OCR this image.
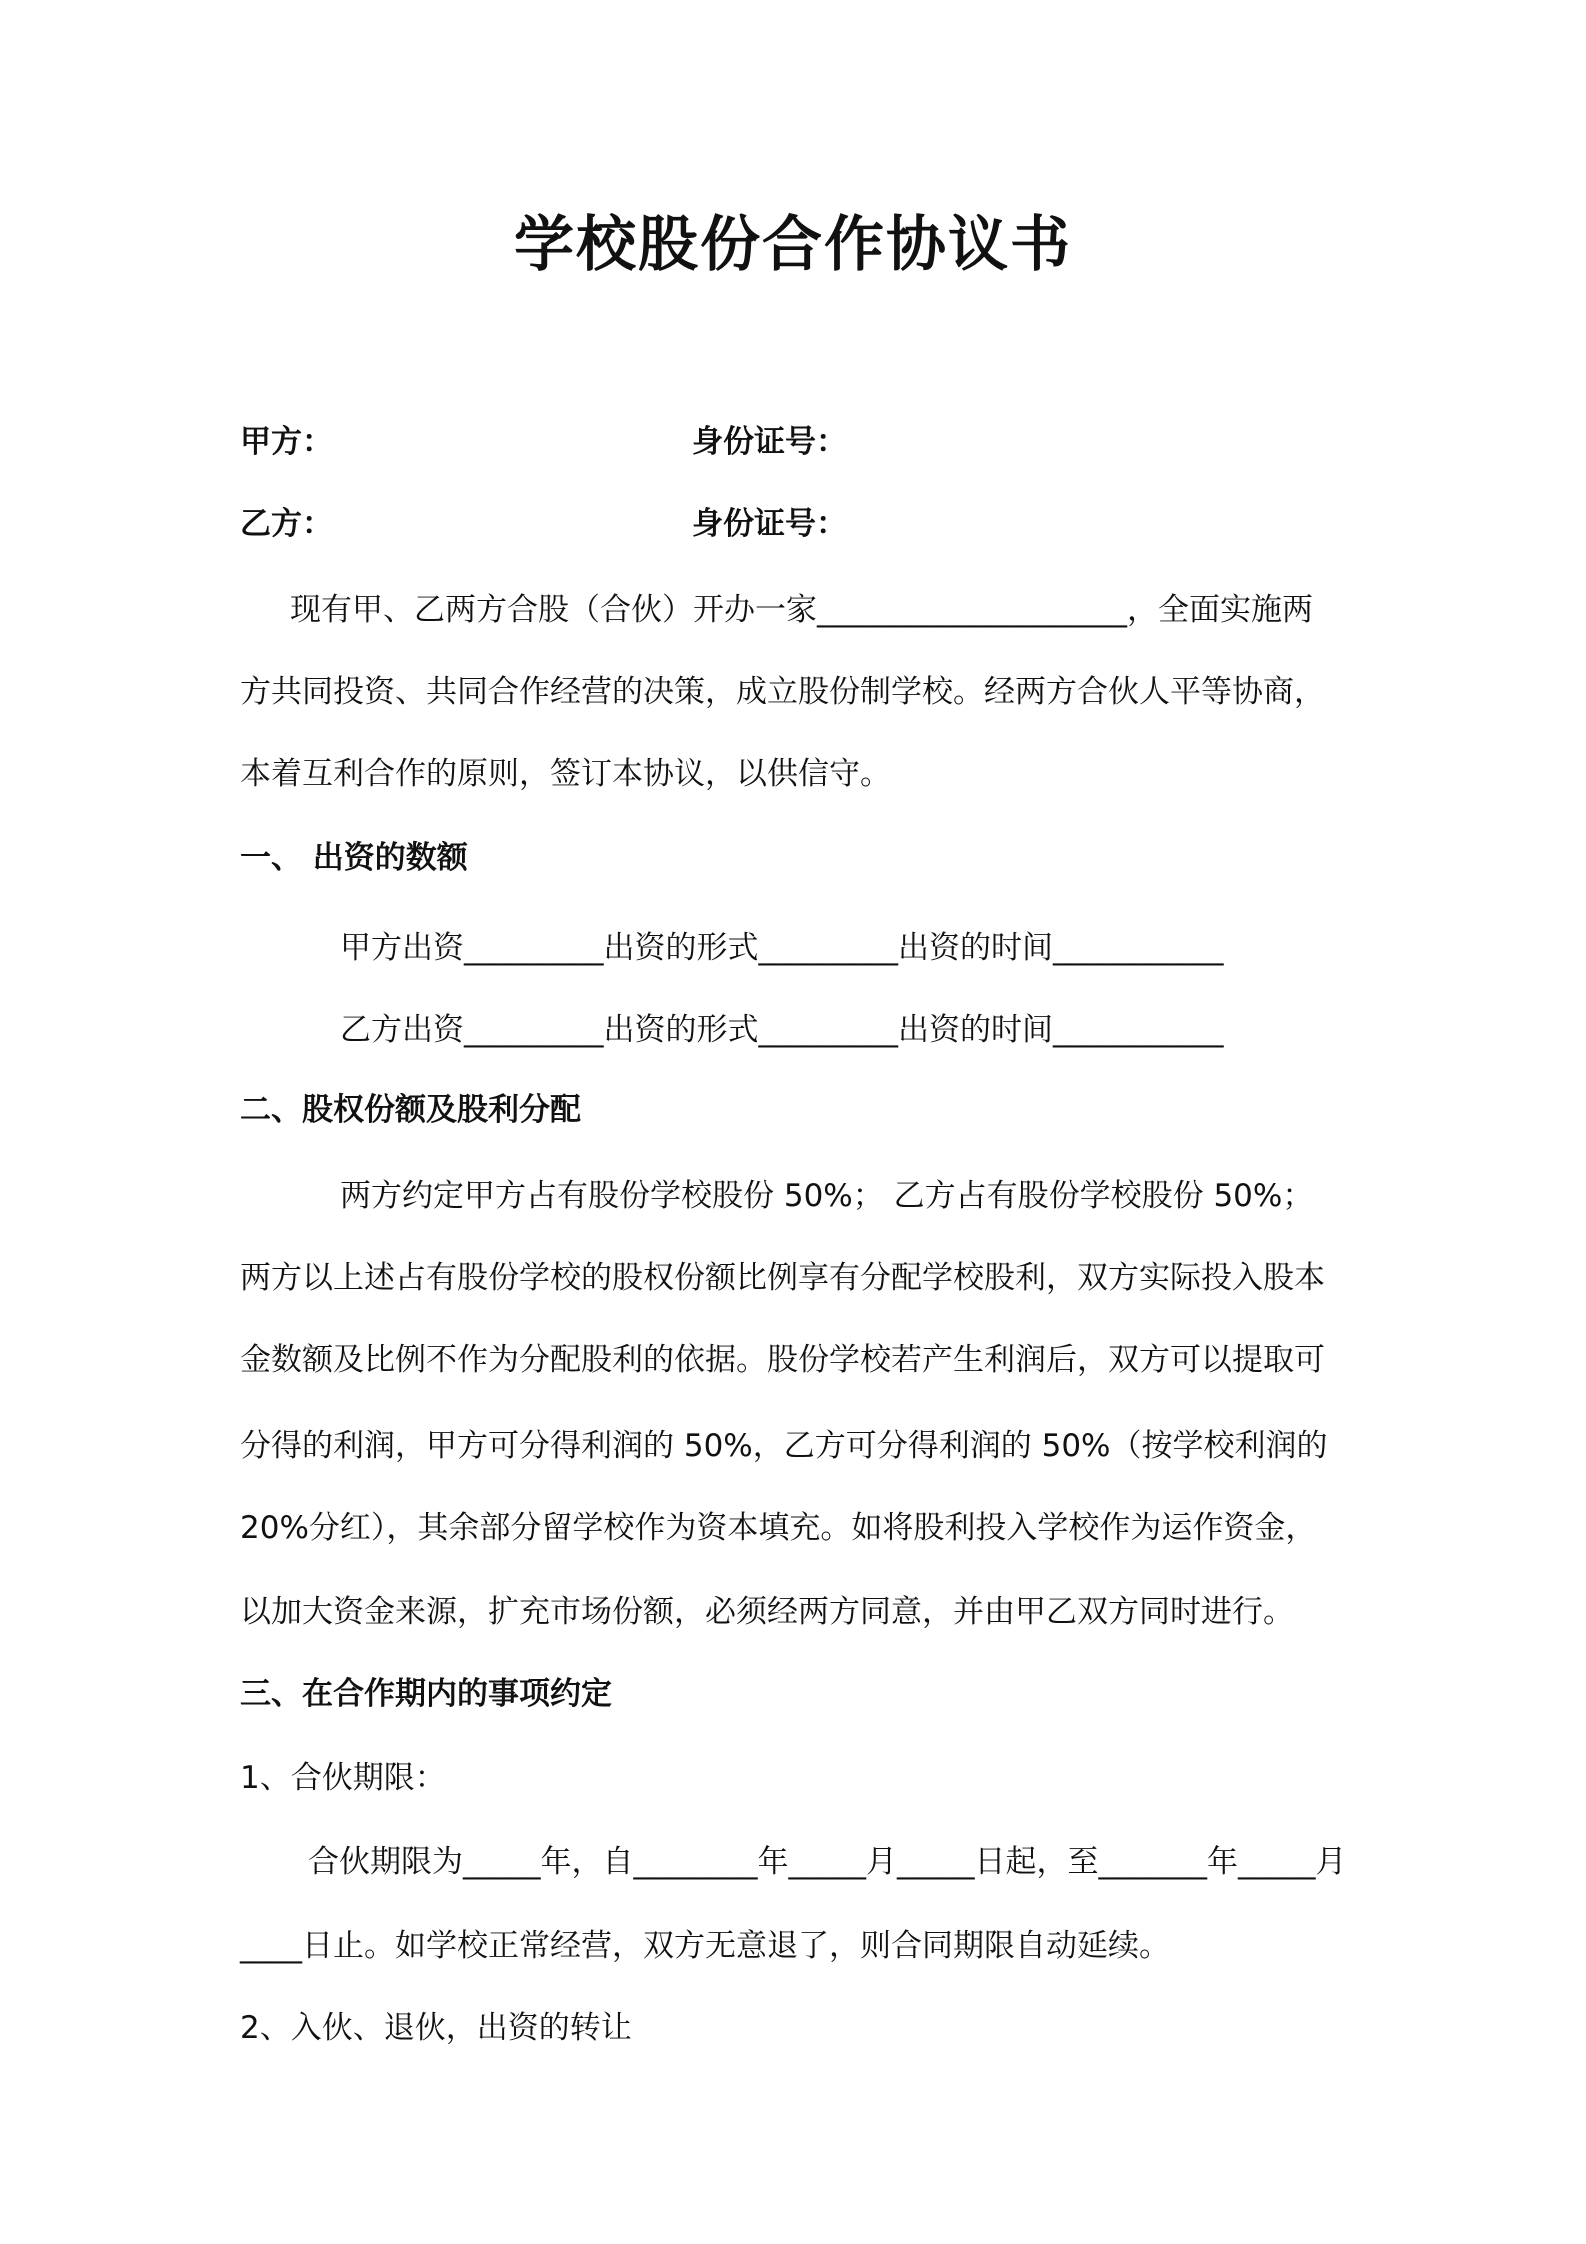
学校股份合作协议书
甲方：	身份证号：
乙方：	身份证号：
现有甲、乙两方合股（合伙）开办一家____________________，全面实施两
方共同投资、共同合作经营的决策，成立股份制学校。经两方合伙人平等协商，
本着互利合作的原则，签订本协议，以供信守。
一、 出资的数额
甲方出资_________出资的形式_________出资的时间___________
乙方出资_________出资的形式_________出资的时间___________
二、股权份额及股利分配
两方约定甲方占有股份学校股份 50%； 乙方占有股份学校股份 50%；
两方以上述占有股份学校的股权份额比例享有分配学校股利，双方实际投入股本
金数额及比例不作为分配股利的依据。股份学校若产生利润后，双方可以提取可
分得的利润，甲方可分得利润的 50%，乙方可分得利润的 50%（按学校利润的
20%分红），其余部分留学校作为资本填充。如将股利投入学校作为运作资金，
以加大资金来源，扩充市场份额，必须经两方同意，并由甲乙双方同时进行。
三、在合作期内的事项约定
1、合伙期限：
合伙期限为_____年，自________年_____月_____日起，至_______年_____月
____日止。如学校正常经营，双方无意退了，则合同期限自动延续。
2、入伙、退伙，出资的转让
